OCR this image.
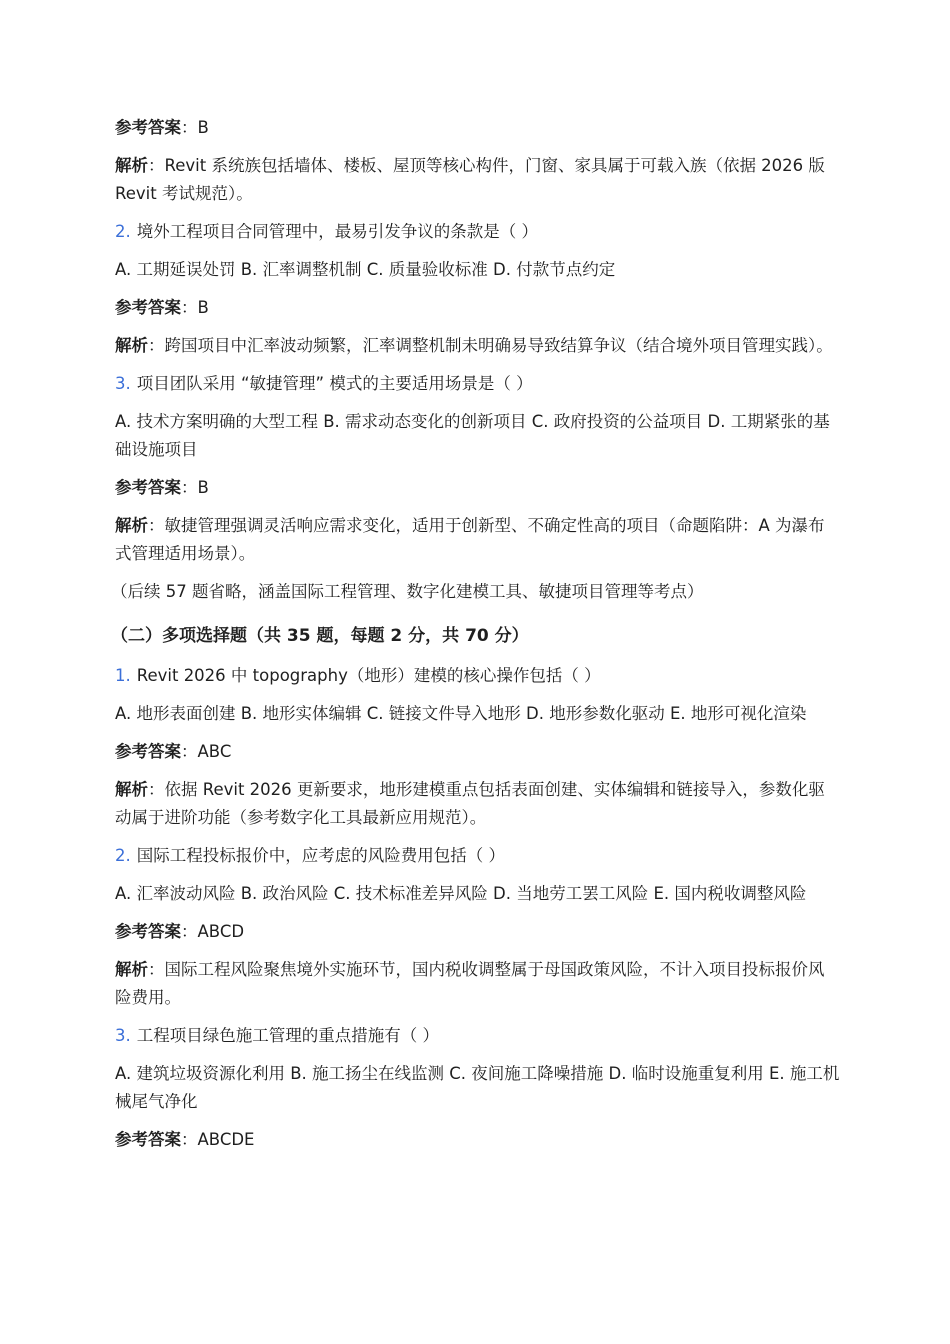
参考答案：B

解析：Revit 系统族包括墙体、楼板、屋顶等核心构件，门窗、家具属于可载入族（依据 2026 版 Revit 考试规范）。

2. 境外工程项目合同管理中，最易引发争议的条款是（ ）

A. 工期延误处罚 B. 汇率调整机制 C. 质量验收标准 D. 付款节点约定

参考答案：B

解析：跨国项目中汇率波动频繁，汇率调整机制未明确易导致结算争议（结合境外项目管理实践）。

3. 项目团队采用 “敏捷管理” 模式的主要适用场景是（ ）

A. 技术方案明确的大型工程 B. 需求动态变化的创新项目 C. 政府投资的公益项目 D. 工期紧张的基础设施项目

参考答案：B

解析：敏捷管理强调灵活响应需求变化，适用于创新型、不确定性高的项目（命题陷阱：A 为瀑布式管理适用场景）。

（后续 57 题省略，涵盖国际工程管理、数字化建模工具、敏捷项目管理等考点）

（二）多项选择题（共 35 题，每题 2 分，共 70 分）

1. Revit 2026 中 topography（地形）建模的核心操作包括（ ）

A. 地形表面创建 B. 地形实体编辑 C. 链接文件导入地形 D. 地形参数化驱动 E. 地形可视化渲染

参考答案：ABC

解析：依据 Revit 2026 更新要求，地形建模重点包括表面创建、实体编辑和链接导入，参数化驱动属于进阶功能（参考数字化工具最新应用规范）。

2. 国际工程投标报价中，应考虑的风险费用包括（ ）

A. 汇率波动风险 B. 政治风险 C. 技术标准差异风险 D. 当地劳工罢工风险 E. 国内税收调整风险

参考答案：ABCD

解析：国际工程风险聚焦境外实施环节，国内税收调整属于母国政策风险，不计入项目投标报价风险费用。

3. 工程项目绿色施工管理的重点措施有（ ）

A. 建筑垃圾资源化利用 B. 施工扬尘在线监测 C. 夜间施工降噪措施 D. 临时设施重复利用 E. 施工机械尾气净化

参考答案：ABCDE
